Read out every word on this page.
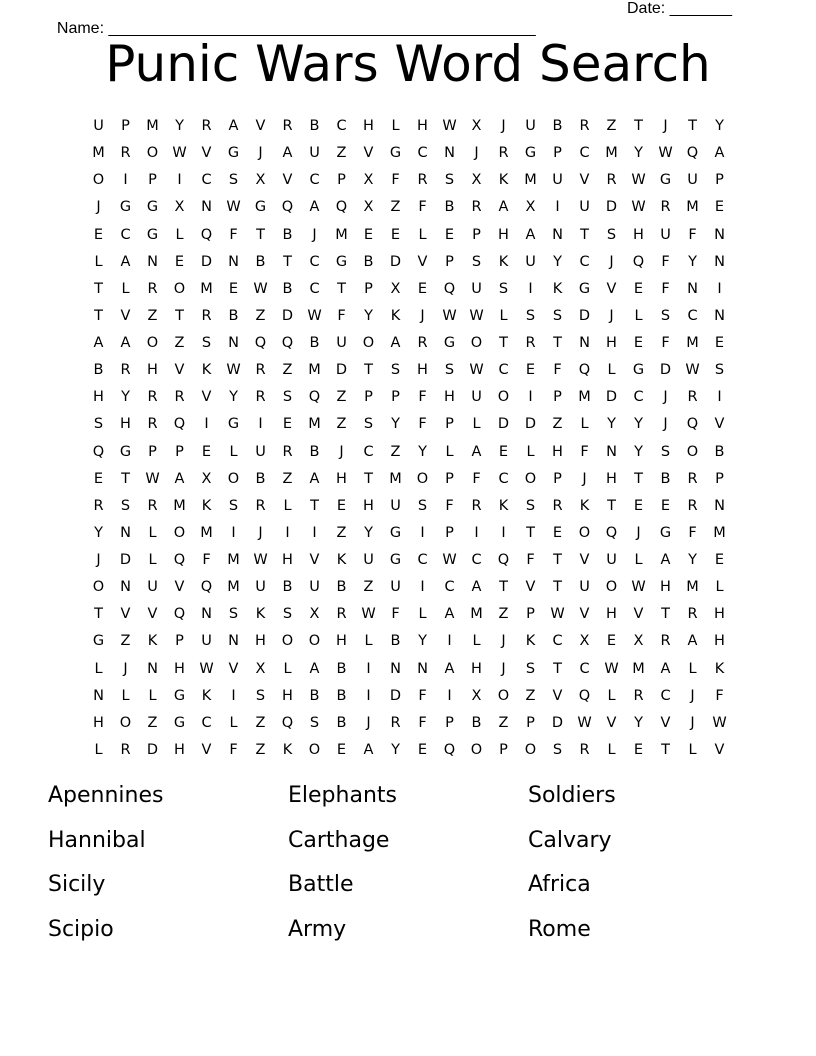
Name: ________________________________________________

Date: _______

Punic Wars Word Search
U	P	M	Y	R	A	V	R	B	C	H	L	H W	X	J	U	B	R	Z	T	J	T	Y
M	R	O W	V	G	J	A	U	Z	V	G	C	N	J	R	G	P	C	M	Y	W Q	A
O	I	P	I	C	S	X	V	C	P	X	F	R	S	X	K	M	U	V	R	W G	U	P
J	G	G	X	N W G	Q	A	Q	X	Z	F	B	R	A	X	I	U	D W	R	M	E
E	C	G	L	Q	F	T	B	J	M	E	E	L	E	P	H	A	N	T	S	H	U	F	N
L	A	N	E	D	N	B	T	C	G	B	D	V	P	S	K	U	Y	C	J	Q	F	Y	N
T	L	R	O	M	E	W	B	C	T	P	X	E	Q	U	S	I	K	G	V	E	F	N	I
T	V	Z	T	R	B	Z	D W	F	Y	K	J	W W	L	S	S	D	J	L	S	C	N
A	A	O	Z	S	N	Q	Q	B	U	O	A	R	G	O	T	R	T	N	H	E	F	M	E
B	R	H	V	K	W	R	Z	M	D	T	S	H	S	W	C	E	F	Q	L	G	D W	S
H	Y	R	R	V	Y	R	S	Q	Z	P	P	F	H	U	O	I	P	M	D	C	J	R	I
S	H	R	Q	I	G	I	E	M	Z	S	Y	F	P	L	D	D	Z	L	Y	Y	J	Q	V
Q	G	P	P	E	L	U	R	B	J	C	Z	Y	L	A	E	L	H	F	N	Y	S	O	B
E	T	W	A	X	O	B	Z	A	H	T	M	O	P	F	C	O	P	J	H	T	B	R	P
R	S	R	M	K	S	R	L	T	E	H	U	S	F	R	K	S	R	K	T	E	E	R	N
Y	N	L	O	M	I	J	I	I	Z	Y	G	I	P	I	I	T	E	O	Q	J	G	F	M
J	D	L	Q	F	M W H	V	K	U	G	C	W	C	Q	F	T	V	U	L	A	Y	E
O	N	U	V	Q	M	U	B	U	B	Z	U	I	C	A	T	V	T	U	O W H	M	L
T	V	V	Q	N	S	K	S	X	R	W	F	L	A	M	Z	P	W	V	H	V	T	R	H
G	Z	K	P	U	N	H	O	O	H	L	B	Y	I	L	J	K	C	X	E	X	R	A	H
L	J	N	H W	V	X	L	A	B	I	N	N	A	H	J	S	T	C	W M	A	L	K
N	L	L	G	K	I	S	H	B	B	I	D	F	I	X	O	Z	V	Q	L	R	C	J	F
H	O	Z	G	C	L	Z	Q	S	B	J	R	F	P	B	Z	P	D W	V	Y	V	J	W
L	R	D	H	V	F	Z	K	O	E	A	Y	E	Q	O	P	O	S	R	L	E	T	L	V
Apennines	Elephants	Soldiers
Hannibal	Carthage	Calvary
Sicily	Battle	Africa
Scipio	Army	Rome
